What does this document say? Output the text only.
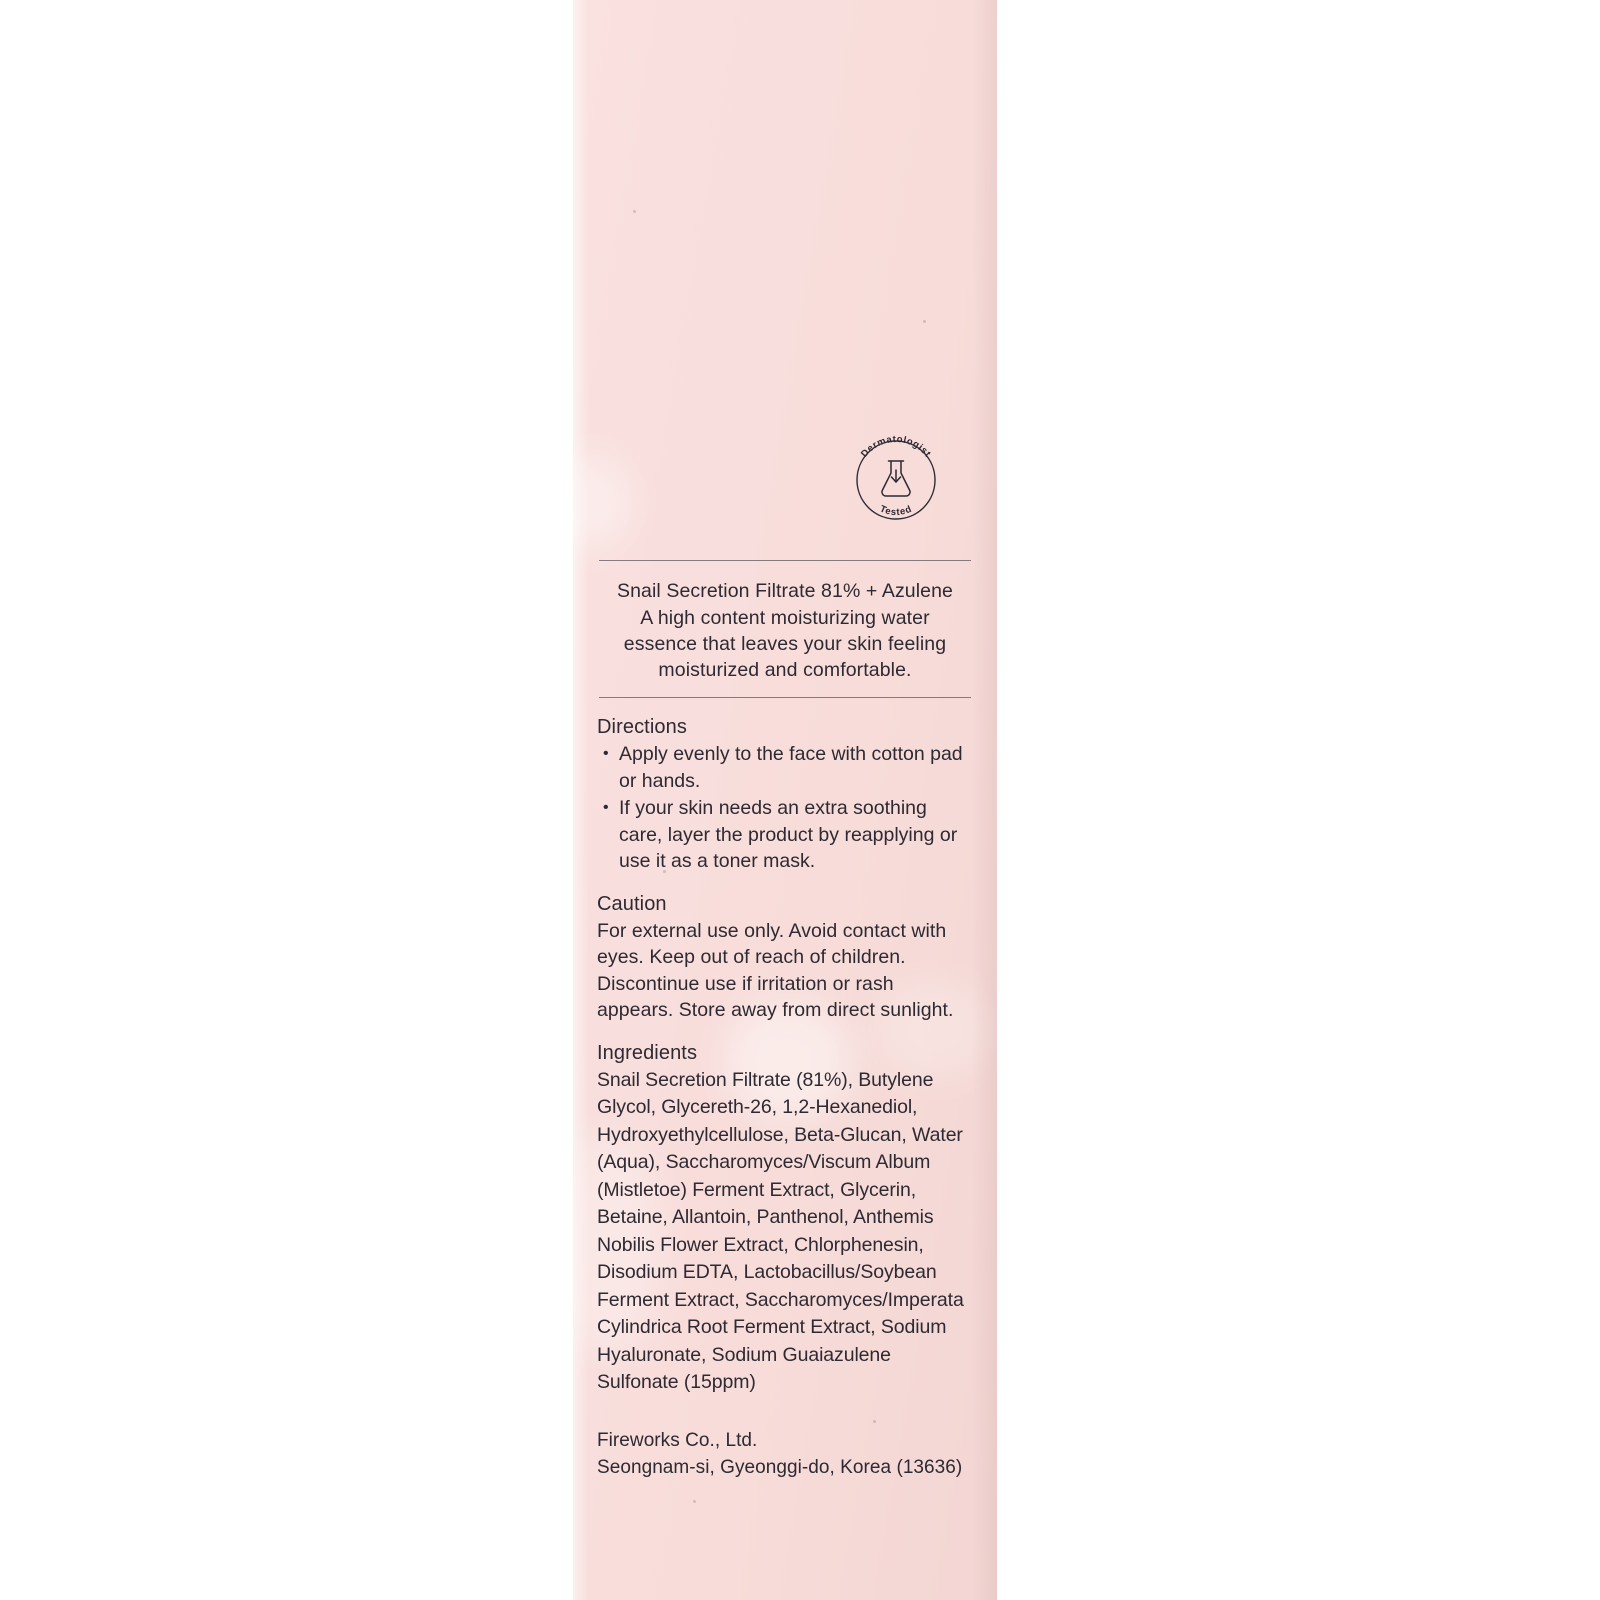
Dermatologist
Tested
Snail Secretion Filtrate 81% + Azulene
A high content moisturizing water essence that leaves your skin feeling moisturized and comfortable.
Directions
• Apply evenly to the face with cotton pad or hands.
• If your skin needs an extra soothing care, layer the product by reapplying or use it as a toner mask.
Caution

For external use only. Avoid contact with eyes. Keep out of reach of children. Discontinue use if irritation or rash appears. Store away from direct sunlight.

Ingredients

Snail Secretion Filtrate (81%), Butylene Glycol, Glycereth-26, 1,2-Hexanediol, Hydroxyethylcellulose, Beta-Glucan, Water (Aqua), Saccharomyces/Viscum Album (Mistletoe) Ferment Extract, Glycerin, Betaine, Allantoin, Panthenol, Anthemis Nobilis Flower Extract, Chlorphenesin, Disodium EDTA, Lactobacillus/Soybean Ferment Extract, Saccharomyces/Imperata Cylindrica Root Ferment Extract, Sodium Hyaluronate, Sodium Guaiazulene Sulfonate (15ppm)

Fireworks Co., Ltd.
Seongnam-si, Gyeonggi-do, Korea (13636)
